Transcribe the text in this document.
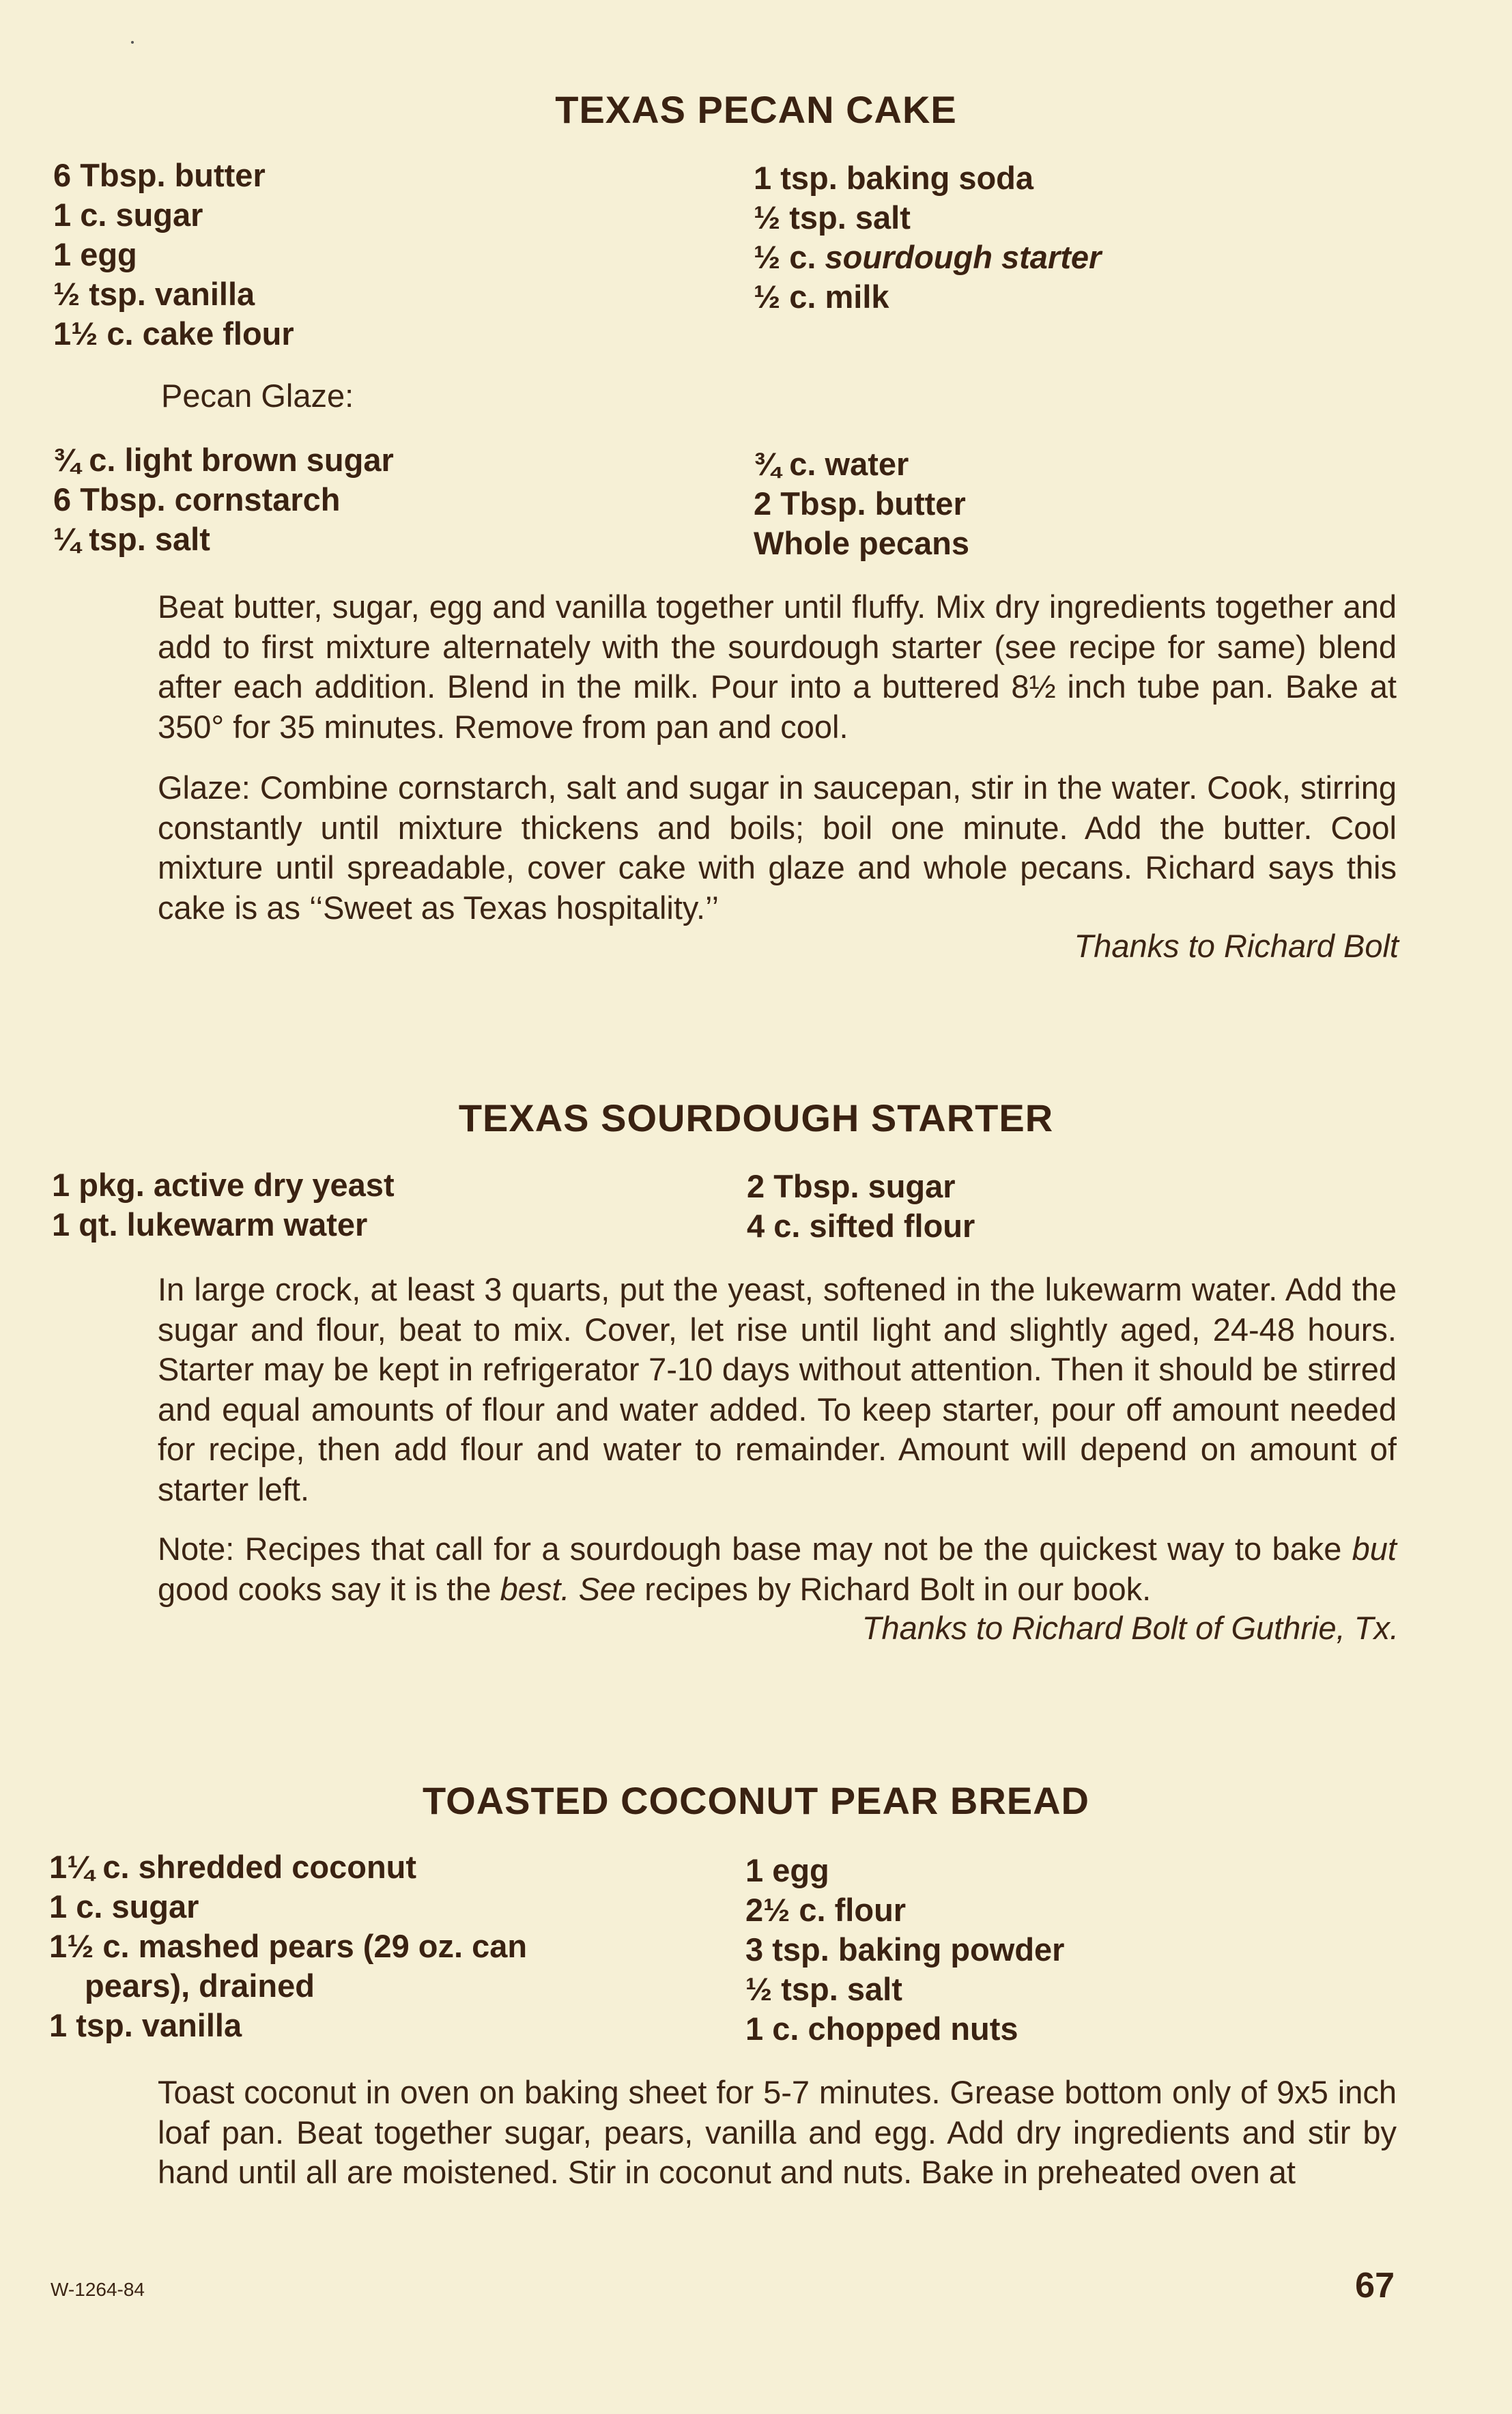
TEXAS PECAN CAKE
6 Tbsp. butter
1 c. sugar
1 egg
½ tsp. vanilla
1½ c. cake flour
1 tsp. baking soda
½ tsp. salt
½ c. sourdough starter
½ c. milk
Pecan Glaze:
¾ c. light brown sugar
6 Tbsp. cornstarch
¼ tsp. salt
¾ c. water
2 Tbsp. butter
Whole pecans
Beat butter, sugar, egg and vanilla together until fluffy. Mix dry ingredients together and add to first mixture alternately with the sourdough starter (see recipe for same) blend after each addition. Blend in the milk. Pour into a buttered 8½ inch tube pan. Bake at 350° for 35 minutes. Remove from pan and cool.
Glaze: Combine cornstarch, salt and sugar in saucepan, stir in the water. Cook, stirring constantly until mixture thickens and boils; boil one minute. Add the butter. Cool mixture until spreadable, cover cake with glaze and whole pecans. Richard says this cake is as ‘‘Sweet as Texas hospitality.’’
Thanks to Richard Bolt
TEXAS SOURDOUGH STARTER
1 pkg. active dry yeast
1 qt. lukewarm water
2 Tbsp. sugar
4 c. sifted flour
In large crock, at least 3 quarts, put the yeast, softened in the lukewarm water. Add the sugar and flour, beat to mix. Cover, let rise until light and slightly aged, 24-48 hours. Starter may be kept in refrigerator 7-10 days without attention. Then it should be stirred and equal amounts of flour and water added. To keep starter, pour off amount needed for recipe, then add flour and water to remainder. Amount will depend on amount of starter left.
Note: Recipes that call for a sourdough base may not be the quickest way to bake but good cooks say it is the best. See recipes by Richard Bolt in our book.
Thanks to Richard Bolt of Guthrie, Tx.
TOASTED COCONUT PEAR BREAD
1¼ c. shredded coconut
1 c. sugar
1½ c. mashed pears (29 oz. can
pears), drained
1 tsp. vanilla
1 egg
2½ c. flour
3 tsp. baking powder
½ tsp. salt
1 c. chopped nuts
Toast coconut in oven on baking sheet for 5-7 minutes. Grease bottom only of 9x5 inch loaf pan. Beat together sugar, pears, vanilla and egg. Add dry ingredients and stir by hand until all are moistened. Stir in coconut and nuts. Bake in preheated oven at
W-1264-84	67
